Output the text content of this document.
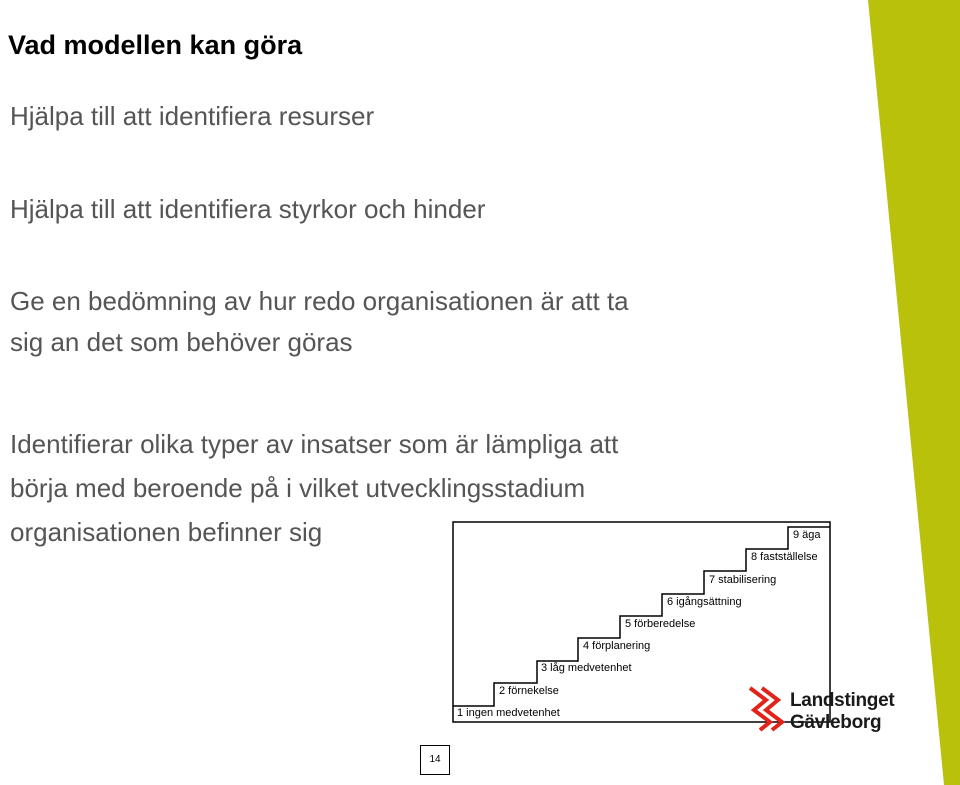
Vad modellen kan göra
Hjälpa till att identifiera resurser
Hjälpa till att identifiera styrkor och hinder
Ge en bedömning av hur redo organisationen är att ta
sig an det som behöver göras
Identifierar olika typer av insatser som är lämpliga att
börja med beroende på i vilket utvecklingsstadium
organisationen befinner sig
1 ingen medvetenhet
2 förnekelse
3 låg medvetenhet
4 förplanering
5 förberedelse
6 igångsättning
7 stabilisering
8 fastställelse
9 äga
14
Landstinget
Gävleborg
